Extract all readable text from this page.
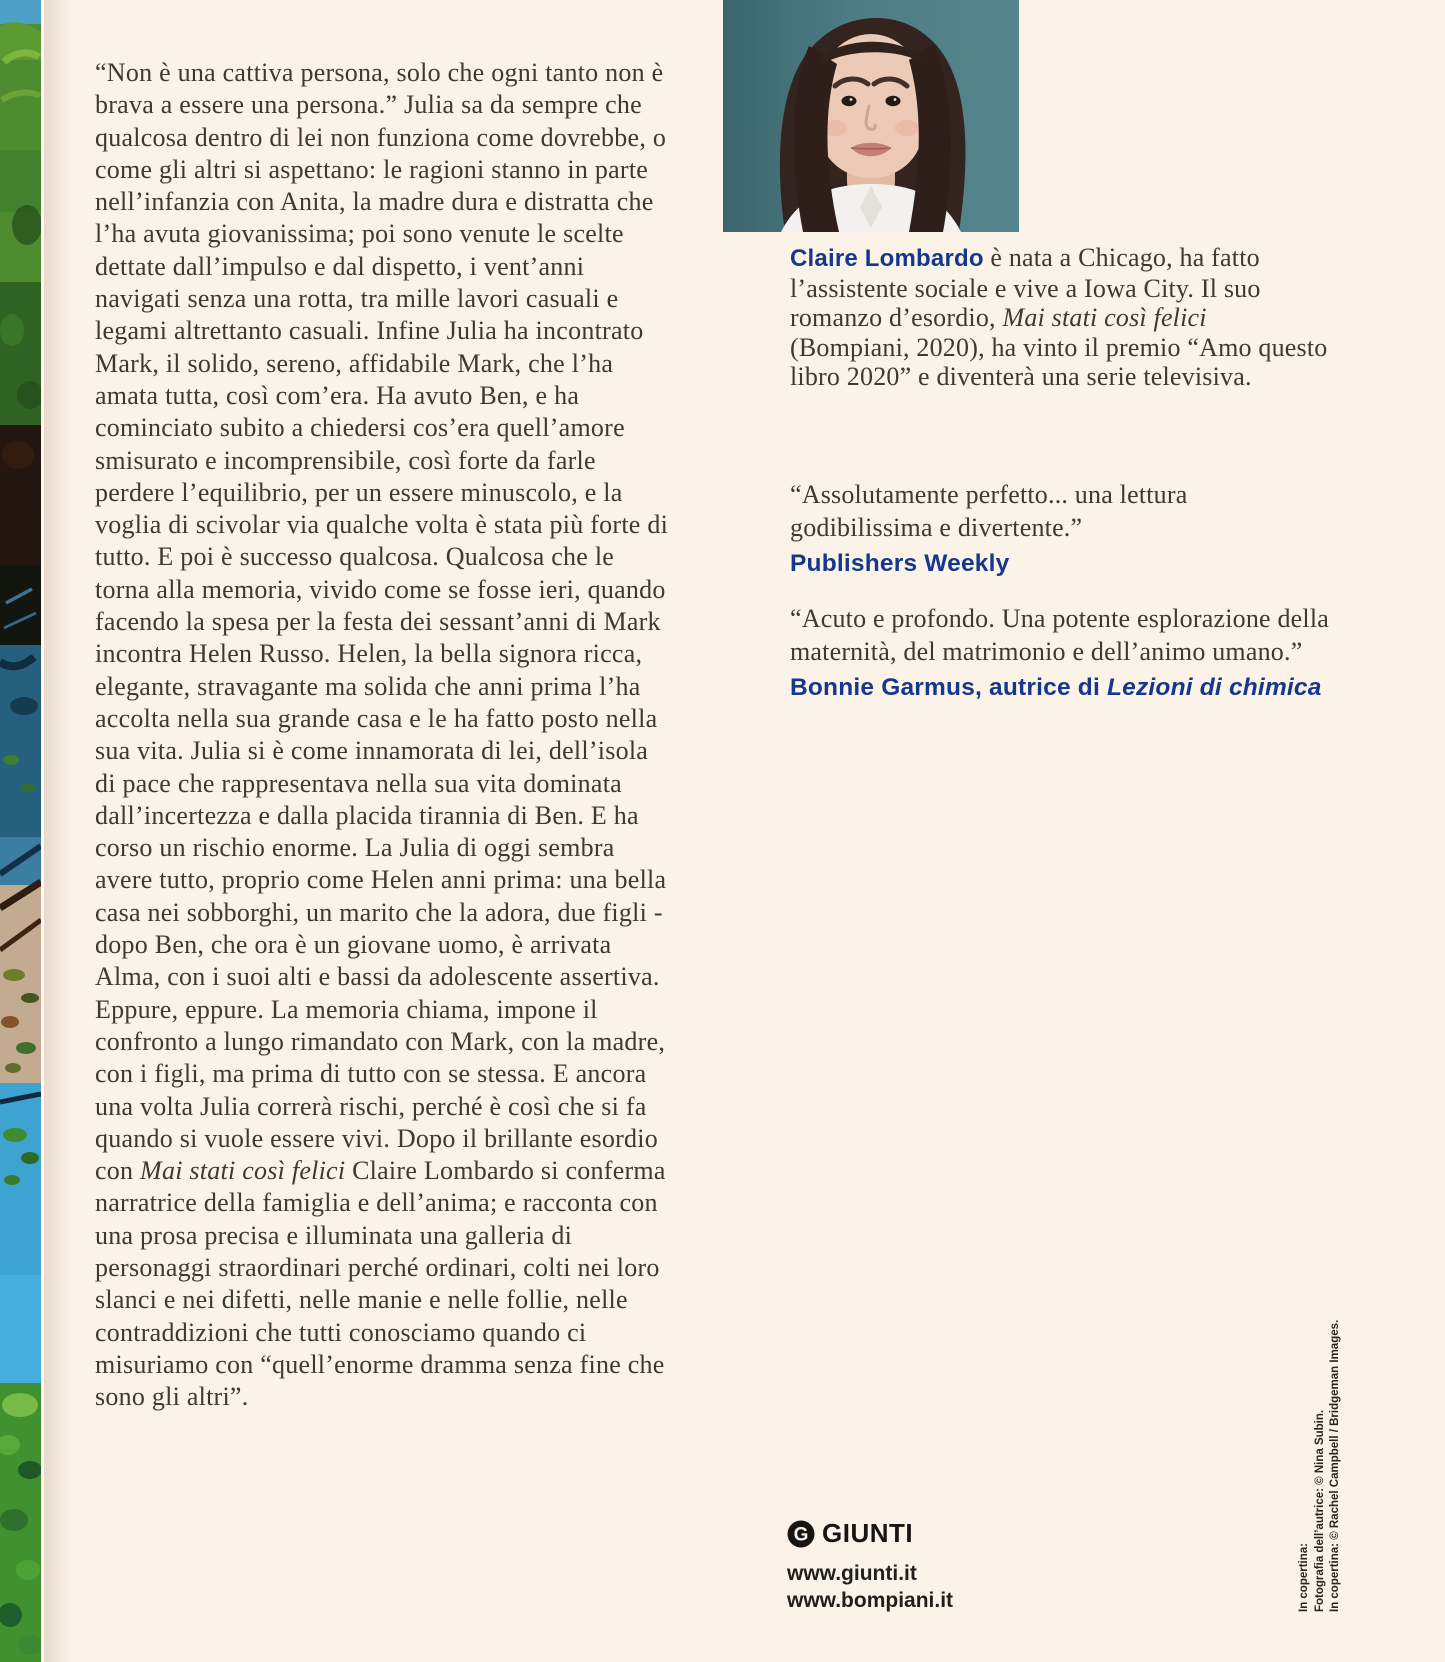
“Non è una cattiva persona, solo che ogni tanto non è brava a essere una persona.” Julia sa da sempre che qualcosa dentro di lei non funziona come dovrebbe, o come gli altri si aspettano: le ragioni stanno in parte nell’infanzia con Anita, la madre dura e distratta che l’ha avuta giovanissima; poi sono venute le scelte dettate dall’impulso e dal dispetto, i vent’anni navigati senza una rotta, tra mille lavori casuali e legami altrettanto casuali. Infine Julia ha incontrato Mark, il solido, sereno, affidabile Mark, che l’ha amata tutta, così com’era. Ha avuto Ben, e ha cominciato subito a chiedersi cos’era quell’amore smisurato e incomprensibile, così forte da farle perdere l’equilibrio, per un essere minuscolo, e la voglia di scivolar via qualche volta è stata più forte di tutto. E poi è successo qualcosa. Qualcosa che le torna alla memoria, vivido come se fosse ieri, quando facendo la spesa per la festa dei sessant’anni di Mark incontra Helen Russo. Helen, la bella signora ricca, elegante, stravagante ma solida che anni prima l’ha accolta nella sua grande casa e le ha fatto posto nella sua vita. Julia si è come innamorata di lei, dell’isola di pace che rappresentava nella sua vita dominata dall’incertezza e dalla placida tirannia di Ben. E ha corso un rischio enorme. La Julia di oggi sembra avere tutto, proprio come Helen anni prima: una bella casa nei sobborghi, un marito che la adora, due figli - dopo Ben, che ora è un giovane uomo, è arrivata Alma, con i suoi alti e bassi da adolescente assertiva. Eppure, eppure. La memoria chiama, impone il confronto a lungo rimandato con Mark, con la madre, con i figli, ma prima di tutto con se stessa. E ancora una volta Julia correrà rischi, perché è così che si fa quando si vuole essere vivi. Dopo il brillante esordio con Mai stati così felici Claire Lombardo si conferma narratrice della famiglia e dell’anima; e racconta con una prosa precisa e illuminata una galleria di personaggi straordinari perché ordinari, colti nei loro slanci e nei difetti, nelle manie e nelle follie, nelle contraddizioni che tutti conosciamo quando ci misuriamo con “quell’enorme dramma senza fine che sono gli altri”.
Claire Lombardo è nata a Chicago, ha fatto l’assistente sociale e vive a Iowa City. Il suo romanzo d’esordio, Mai stati così felici (Bompiani, 2020), ha vinto il premio “Amo questo libro 2020” e diventerà una serie televisiva.
“Assolutamente perfetto... una lettura godibilissima e divertente.”
Publishers Weekly
“Acuto e profondo. Una potente esplorazione della maternità, del matrimonio e dell’animo umano.”
Bonnie Garmus, autrice di Lezioni di chimica
G GIUNTI
www.giunti.it
www.bompiani.it	In copertina: Fotografia dell’autrice: © Nina Subin. In copertina: © Rachel Campbell / Bridgeman Images.
